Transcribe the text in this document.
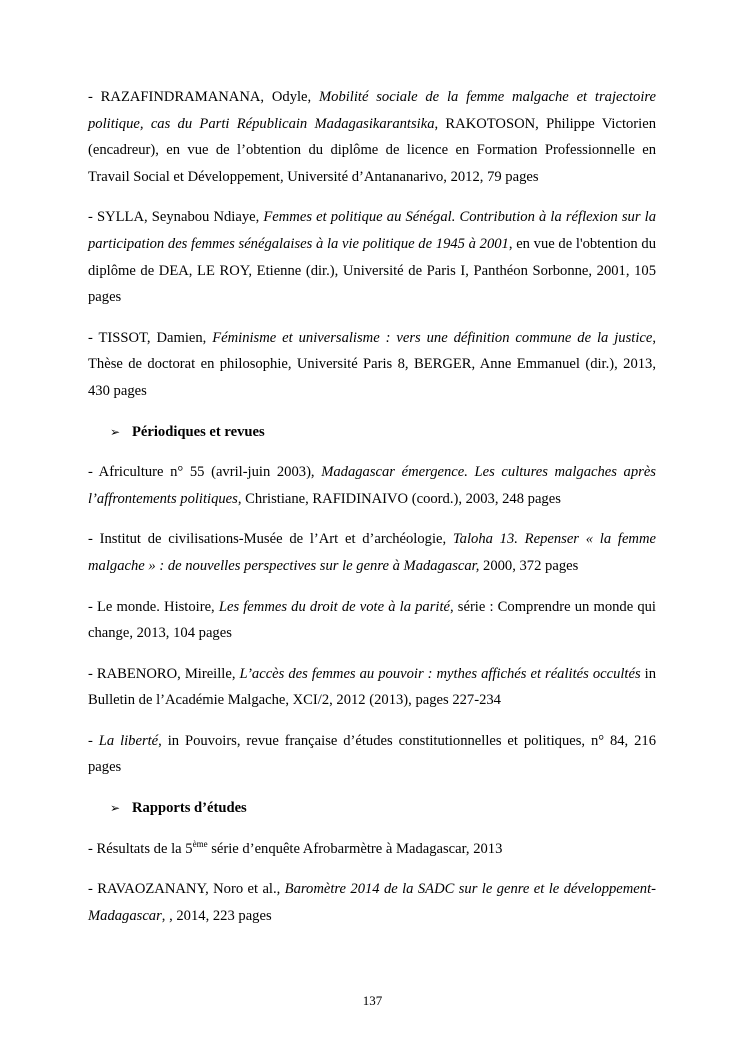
- RAZAFINDRAMANANA, Odyle, Mobilité sociale de la femme malgache et trajectoire politique, cas du Parti Républicain Madagasikarantsika, RAKOTOSON, Philippe Victorien (encadreur), en vue de l’obtention du diplôme de licence en Formation Professionnelle en Travail Social et Développement, Université d’Antananarivo, 2012, 79 pages

- SYLLA, Seynabou Ndiaye, Femmes et politique au Sénégal. Contribution à la réflexion sur la participation des femmes sénégalaises à la vie politique de 1945 à 2001, en vue de l'obtention du diplôme de DEA, LE ROY, Etienne (dir.), Université de Paris I, Panthéon Sorbonne, 2001, 105 pages

- TISSOT, Damien, Féminisme et universalisme : vers une définition commune de la justice, Thèse de doctorat en philosophie, Université Paris 8, BERGER, Anne Emmanuel (dir.), 2013, 430 pages

➢ Périodiques et revues

- Africulture n° 55 (avril-juin 2003), Madagascar émergence. Les cultures malgaches après l’affrontements politiques, Christiane, RAFIDINAIVO (coord.), 2003, 248 pages

- Institut de civilisations-Musée de l’Art et d’archéologie, Taloha 13. Repenser « la femme malgache » : de nouvelles perspectives sur le genre à Madagascar, 2000, 372 pages

- Le monde. Histoire, Les femmes du droit de vote à la parité, série : Comprendre un monde qui change, 2013, 104 pages

- RABENORO, Mireille, L’accès des femmes au pouvoir : mythes affichés et réalités occultés in Bulletin de l’Académie Malgache, XCI/2, 2012 (2013), pages 227-234

- La liberté, in Pouvoirs, revue française d’études constitutionnelles et politiques, n° 84, 216 pages

➢ Rapports d’études

- Résultats de la 5ème série d’enquête Afrobarmètre à Madagascar, 2013

- RAVAOZANANY, Noro et al., Baromètre 2014 de la SADC sur le genre et le développement-Madagascar, , 2014, 223 pages

137
